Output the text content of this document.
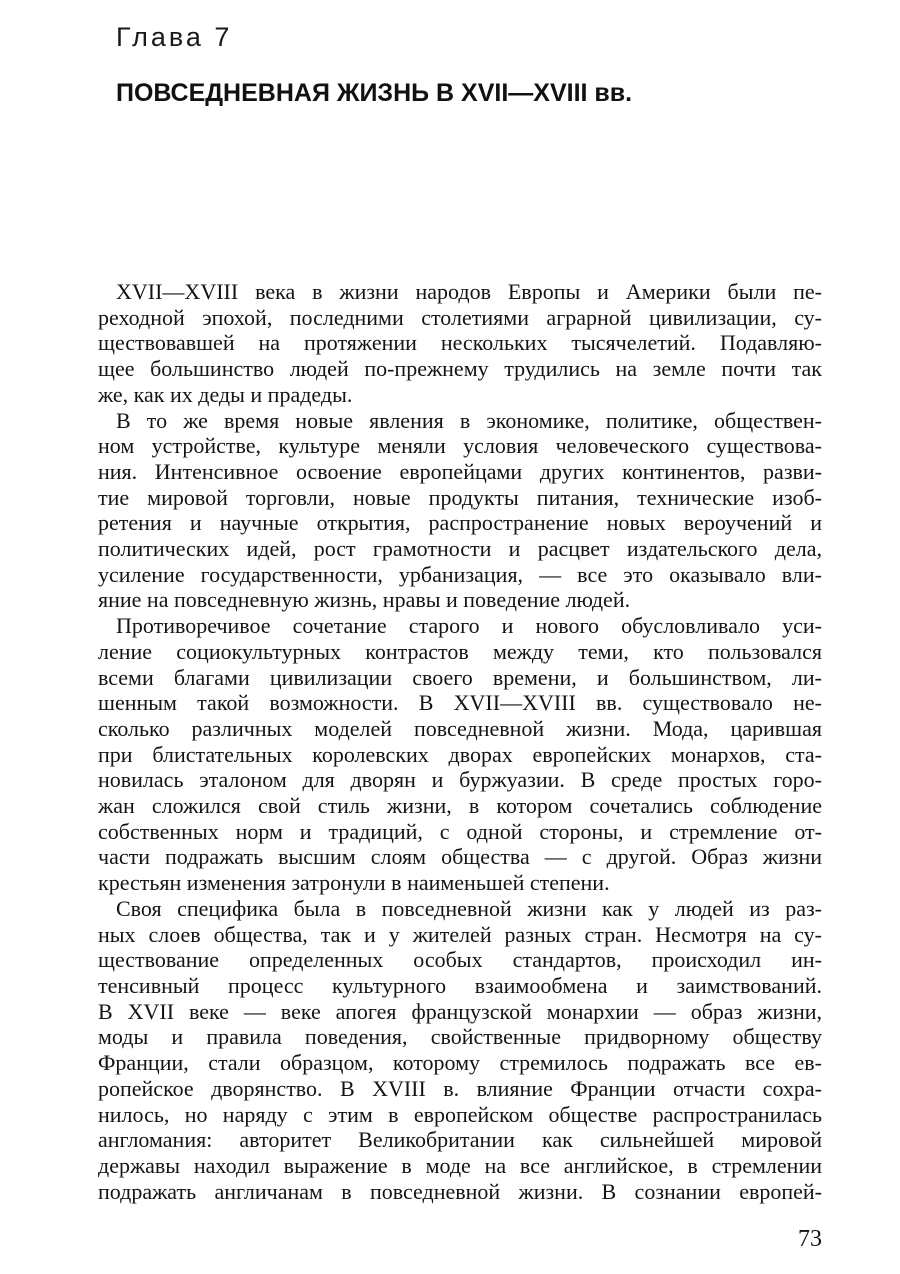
Глава 7
ПОВСЕДНЕВНАЯ ЖИЗНЬ В XVII—XVIII вв.

XVII—XVIII века в жизни народов Европы и Америки были пе-
реходной эпохой, последними столетиями аграрной цивилизации, су-
ществовавшей на протяжении нескольких тысячелетий. Подавляю-
щее большинство людей по-прежнему трудились на земле почти так
же, как их деды и прадеды.

В то же время новые явления в экономике, политике, обществен-
ном устройстве, культуре меняли условия человеческого существова-
ния. Интенсивное освоение европейцами других континентов, разви-
тие мировой торговли, новые продукты питания, технические изоб-
ретения и научные открытия, распространение новых вероучений и
политических идей, рост грамотности и расцвет издательского дела,
усиление государственности, урбанизация, — все это оказывало вли-
яние на повседневную жизнь, нравы и поведение людей.

Противоречивое сочетание старого и нового обусловливало уси-
ление социокультурных контрастов между теми, кто пользовался
всеми благами цивилизации своего времени, и большинством, ли-
шенным такой возможности. В XVII—XVIII вв. существовало не-
сколько различных моделей повседневной жизни. Мода, царившая
при блистательных королевских дворах европейских монархов, ста-
новилась эталоном для дворян и буржуазии. В среде простых горо-
жан сложился свой стиль жизни, в котором сочетались соблюдение
собственных норм и традиций, с одной стороны, и стремление от-
части подражать высшим слоям общества — с другой. Образ жизни
крестьян изменения затронули в наименьшей степени.

Своя специфика была в повседневной жизни как у людей из раз-
ных слоев общества, так и у жителей разных стран. Несмотря на су-
ществование определенных особых стандартов, происходил ин-
тенсивный процесс культурного взаимообмена и заимствований.
В XVII веке — веке апогея французской монархии — образ жизни,
моды и правила поведения, свойственные придворному обществу
Франции, стали образцом, которому стремилось подражать все ев-
ропейское дворянство. В XVIII в. влияние Франции отчасти сохра-
нилось, но наряду с этим в европейском обществе распространилась
англомания: авторитет Великобритании как сильнейшей мировой
державы находил выражение в моде на все английское, в стремлении
подражать англичанам в повседневной жизни. В сознании европей-

73
